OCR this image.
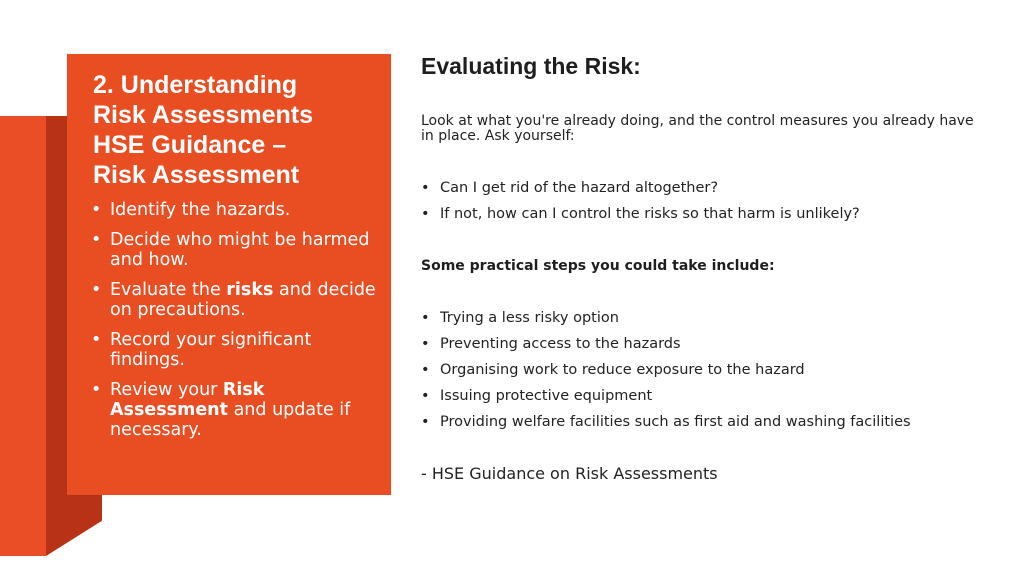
2. Understanding
Risk Assessments
HSE Guidance –
Risk Assessment
• Identify the hazards.
• Decide who might be harmed and how.
• Evaluate the risks and decide on precautions.
• Record your significant findings.
• Review your Risk Assessment and update if necessary.
Evaluating the Risk:

Look at what you're already doing, and the control measures you already have in place. Ask yourself:

• Can I get rid of the hazard altogether?
• If not, how can I control the risks so that harm is unlikely?

Some practical steps you could take include:

• Trying a less risky option
• Preventing access to the hazards
• Organising work to reduce exposure to the hazard
• Issuing protective equipment
• Providing welfare facilities such as first aid and washing facilities

- HSE Guidance on Risk Assessments
